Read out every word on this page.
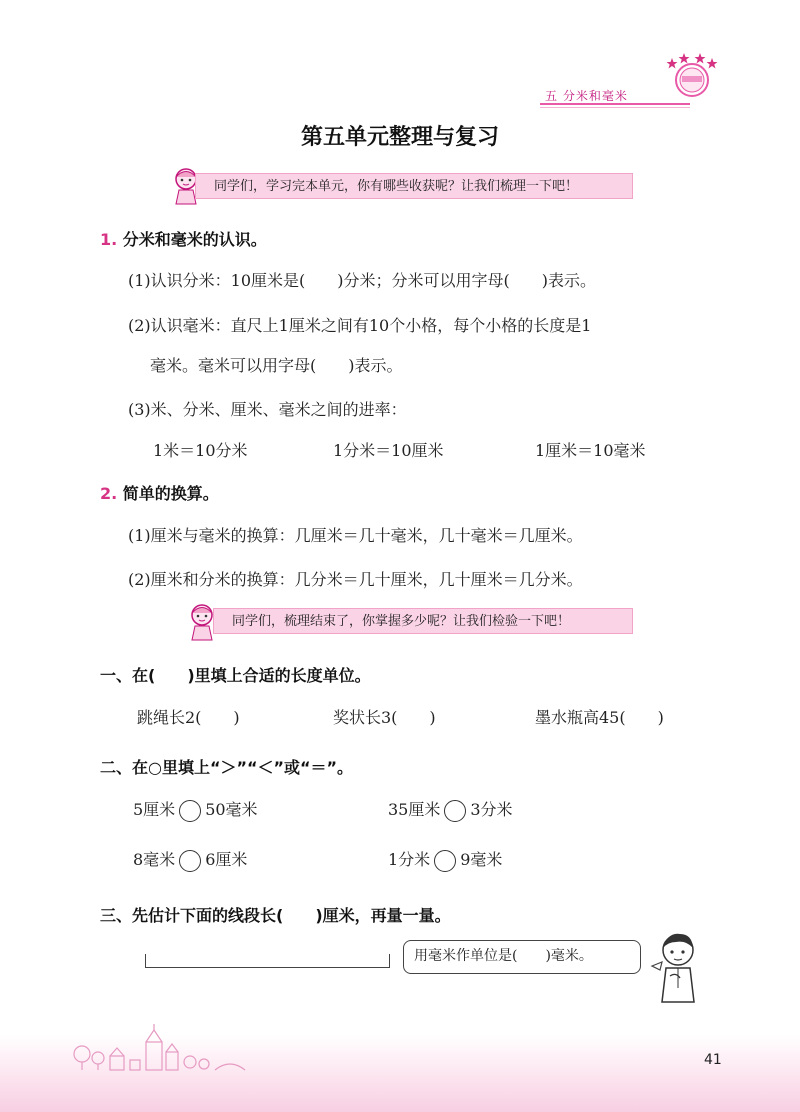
五 分米和毫米
第五单元整理与复习
同学们，学习完本单元，你有哪些收获呢？让我们梳理一下吧！
1. 分米和毫米的认识。
(1)认识分米：10厘米是(　　)分米；分米可以用字母(　　)表示。
(2)认识毫米：直尺上1厘米之间有10个小格，每个小格的长度是1
毫米。毫米可以用字母(　　)表示。
(3)米、分米、厘米、毫米之间的进率：
1米＝10分米	1分米＝10厘米	1厘米＝10毫米
2. 简单的换算。
(1)厘米与毫米的换算：几厘米＝几十毫米，几十毫米＝几厘米。
(2)厘米和分米的换算：几分米＝几十厘米，几十厘米＝几分米。
同学们，梳理结束了，你掌握多少呢？让我们检验一下吧！
一、在(　　)里填上合适的长度单位。
跳绳长2(　　)	奖状长3(　　)	墨水瓶高45(　　)
二、在○里填上“＞”“＜”或“＝”。
5厘米 50毫米	35厘米 3分米
8毫米 6厘米	1分米 9毫米
三、先估计下面的线段长(　　)厘米，再量一量。
用毫米作单位是(　　)毫米。
41
